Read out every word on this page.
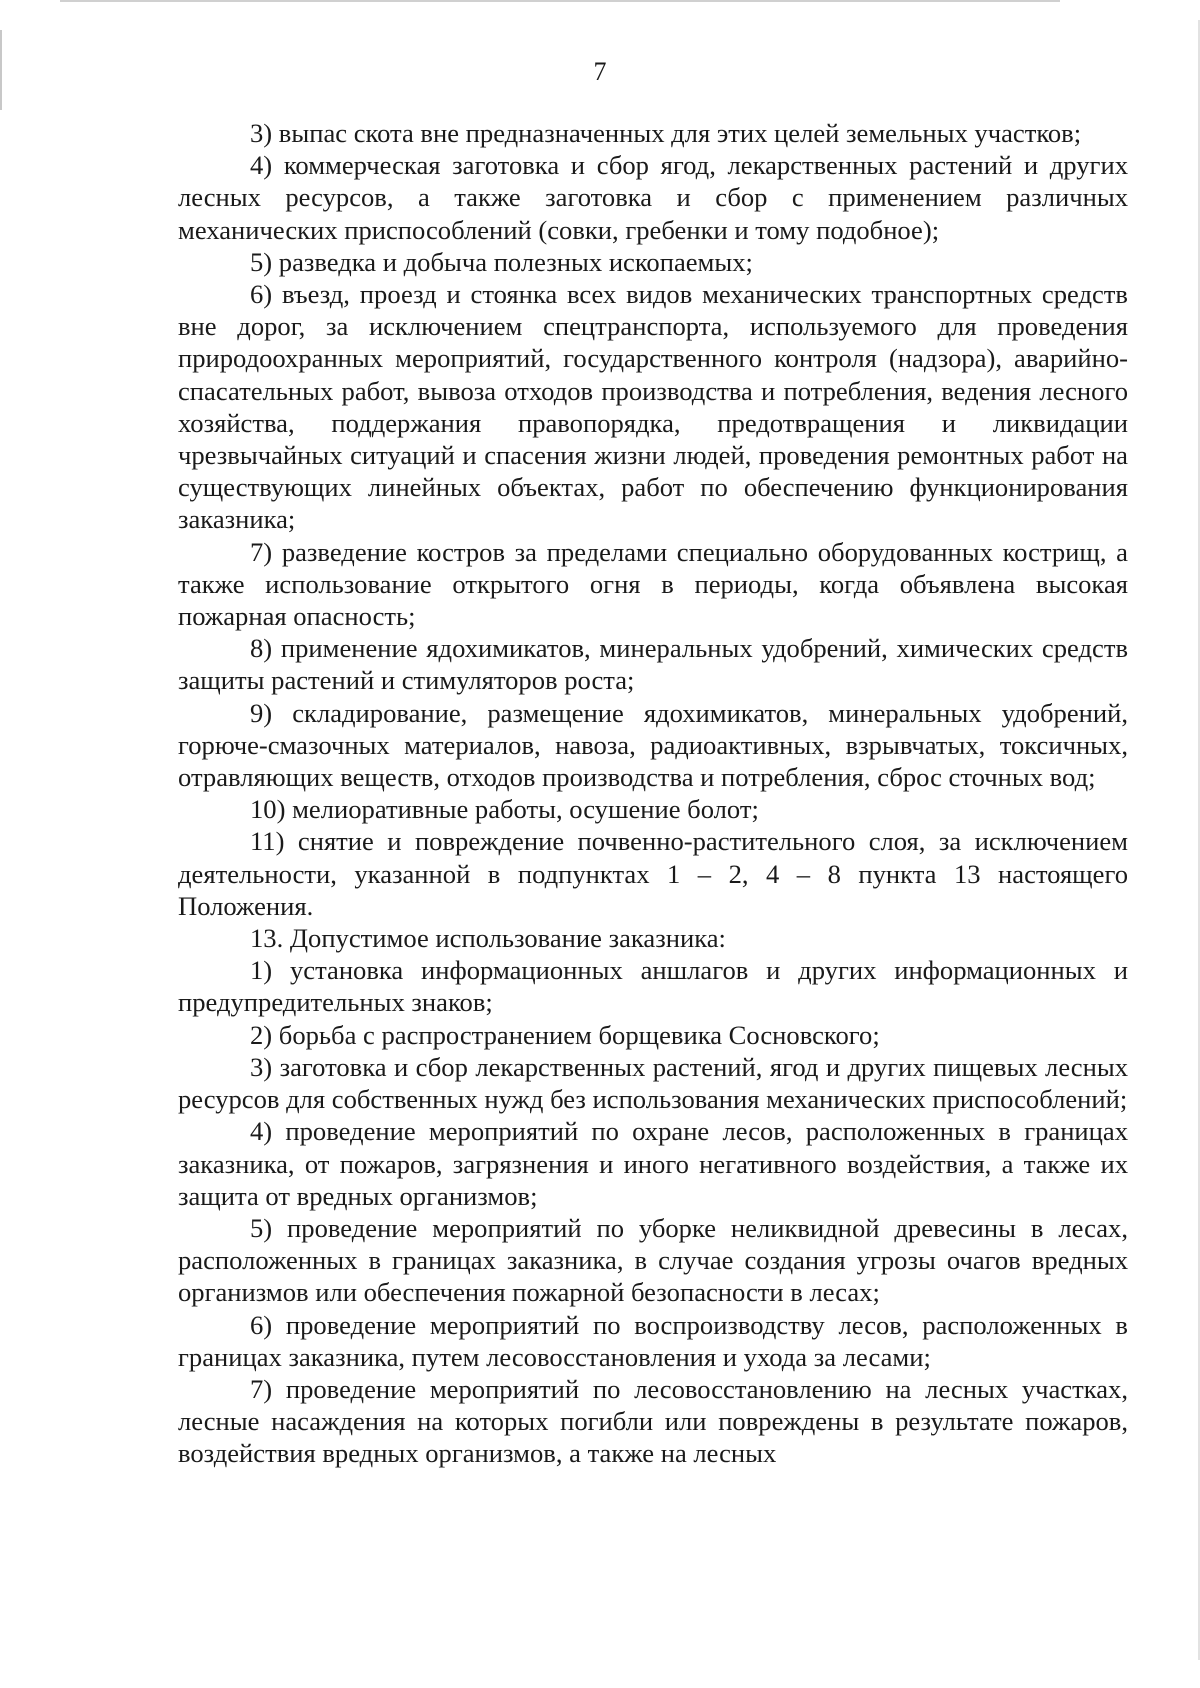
7

3) выпас скота вне предназначенных для этих целей земельных участков;

4) коммерческая заготовка и сбор ягод, лекарственных растений и других лесных ресурсов, а также заготовка и сбор с применением различных механических приспособлений (совки, гребенки и тому подобное);

5) разведка и добыча полезных ископаемых;

6) въезд, проезд и стоянка всех видов механических транспортных средств вне дорог, за исключением спецтранспорта, используемого для проведения природоохранных мероприятий, государственного контроля (надзора), аварийно-спасательных работ, вывоза отходов производства и потребления, ведения лесного хозяйства, поддержания правопорядка, предотвращения и ликвидации чрезвычайных ситуаций и спасения жизни людей, проведения ремонтных работ на существующих линейных объектах, работ по обеспечению функционирования заказника;

7) разведение костров за пределами специально оборудованных кострищ, а также использование открытого огня в периоды, когда объявлена высокая пожарная опасность;

8) применение ядохимикатов, минеральных удобрений, химических средств защиты растений и стимуляторов роста;

9) складирование, размещение ядохимикатов, минеральных удобрений, горюче-смазочных материалов, навоза, радиоактивных, взрывчатых, токсичных, отравляющих веществ, отходов производства и потребления, сброс сточных вод;

10) мелиоративные работы, осушение болот;

11) снятие и повреждение почвенно-растительного слоя, за исключением деятельности, указанной в подпунктах 1 – 2, 4 – 8 пункта 13 настоящего Положения.

13. Допустимое использование заказника:

1) установка информационных аншлагов и других информационных и предупредительных знаков;

2) борьба с распространением борщевика Сосновского;

3) заготовка и сбор лекарственных растений, ягод и других пищевых лесных ресурсов для собственных нужд без использования механических приспособлений;

4) проведение мероприятий по охране лесов, расположенных в границах заказника, от пожаров, загрязнения и иного негативного воздействия, а также их защита от вредных организмов;

5) проведение мероприятий по уборке неликвидной древесины в лесах, расположенных в границах заказника, в случае создания угрозы очагов вредных организмов или обеспечения пожарной безопасности в лесах;

6) проведение мероприятий по воспроизводству лесов, расположенных в границах заказника, путем лесовосстановления и ухода за лесами;

7) проведение мероприятий по лесовосстановлению на лесных участках, лесные насаждения на которых погибли или повреждены в результате пожаров, воздействия вредных организмов, а также на лесных
